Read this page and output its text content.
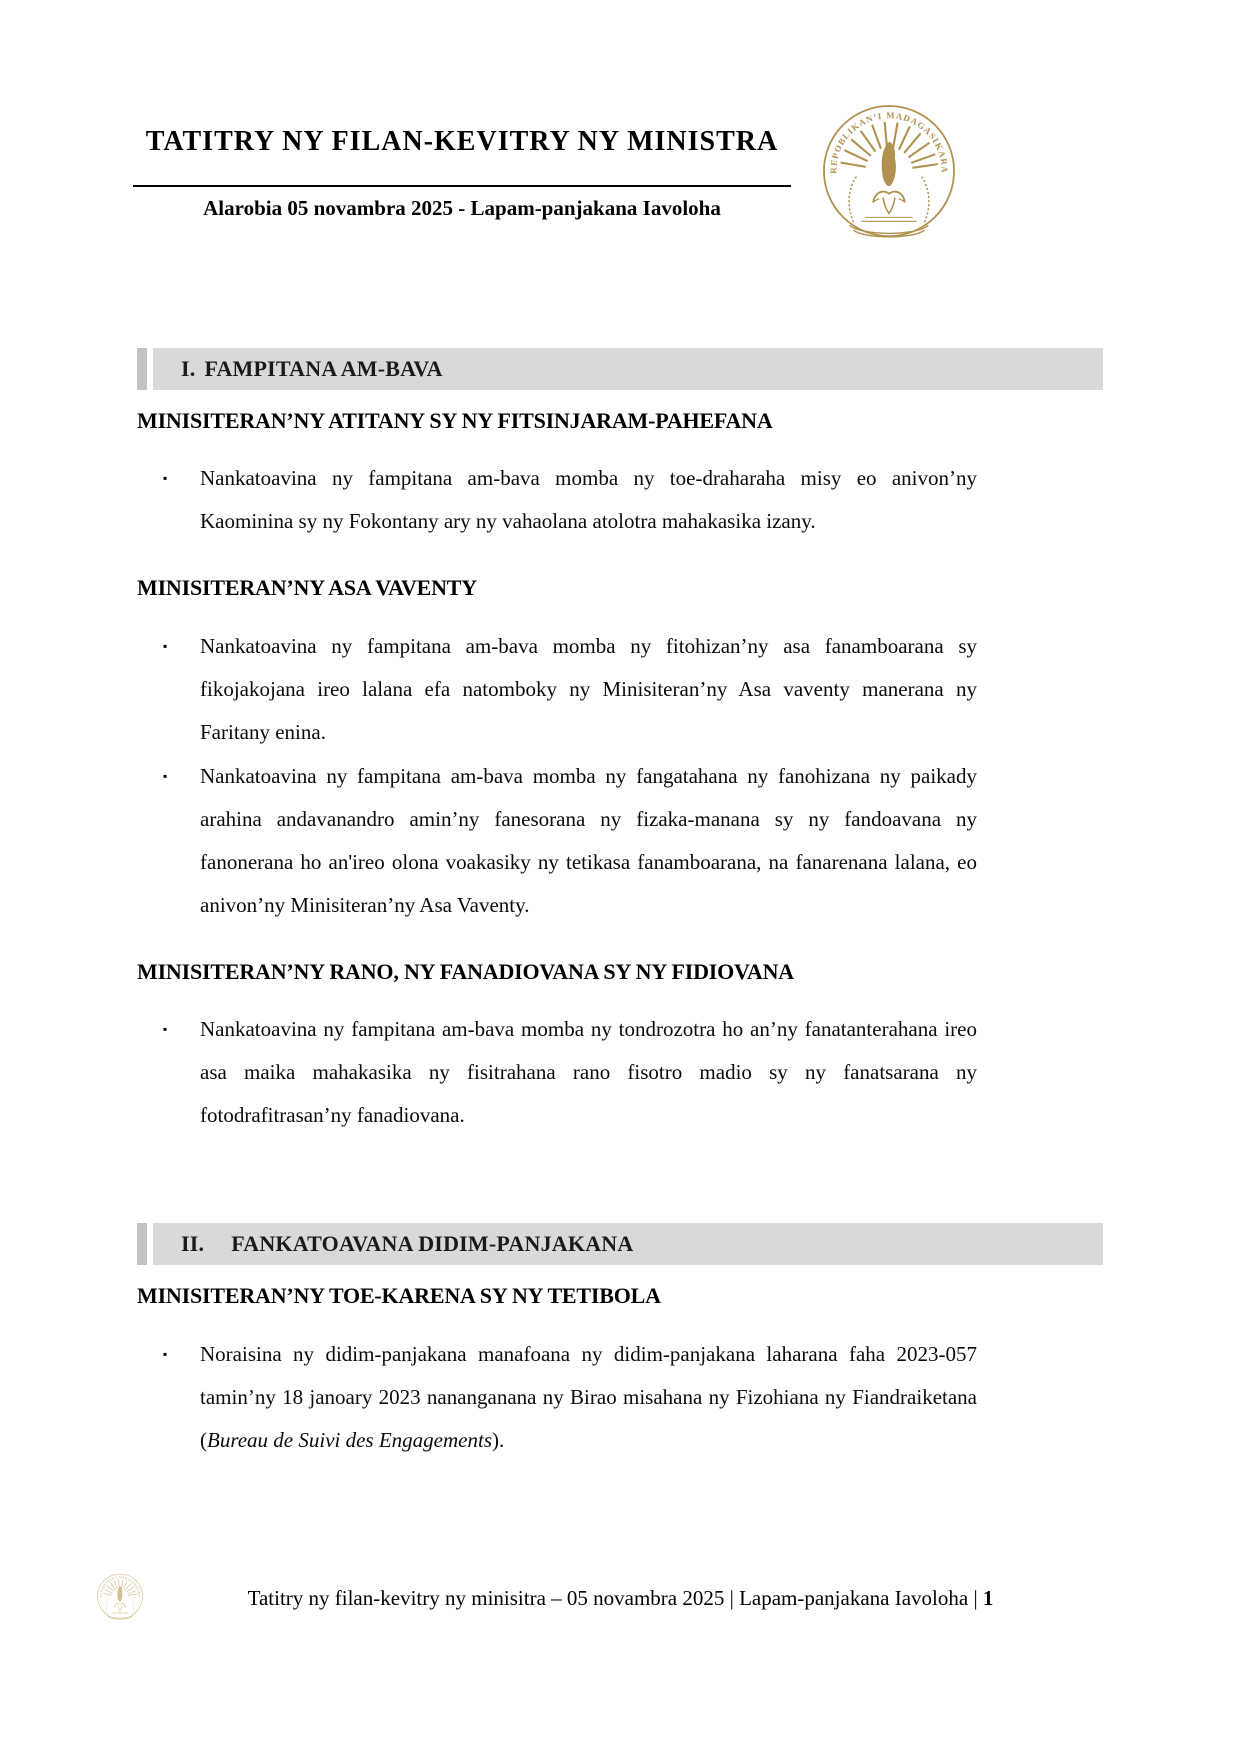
TATITRY NY FILAN-KEVITRY NY MINISTRA
Alarobia 05 novambra 2025 - Lapam-panjakana Iavoloha
I. FAMPITANA AM-BAVA
MINISITERAN’NY ATITANY SY NY FITSINJARAM-PAHEFANA
▪ Nankatoavina ny fampitana am-bava momba ny toe-draharaha misy eo anivon’ny Kaominina sy ny Fokontany ary ny vahaolana atolotra mahakasika izany.
MINISITERAN’NY ASA VAVENTY
▪ Nankatoavina ny fampitana am-bava momba ny fitohizan’ny asa fanamboarana sy fikojakojana ireo lalana efa natomboky ny Minisiteran’ny Asa vaventy manerana ny Faritany enina.
▪ Nankatoavina ny fampitana am-bava momba ny fangatahana ny fanohizana ny paikady arahina andavanandro amin’ny fanesorana ny fizaka-manana sy ny fandoavana ny fanonerana ho an'ireo olona voakasiky ny tetikasa fanamboarana, na fanarenana lalana, eo anivon’ny Minisiteran’ny Asa Vaventy.
MINISITERAN’NY RANO, NY FANADIOVANA SY NY FIDIOVANA
▪ Nankatoavina ny fampitana am-bava momba ny tondrozotra ho an’ny fanatanterahana ireo asa maika mahakasika ny fisitrahana rano fisotro madio sy ny fanatsarana ny fotodrafitrasan’ny fanadiovana.
II. FANKATOAVANA DIDIM-PANJAKANA
MINISITERAN’NY TOE-KARENA SY NY TETIBOLA
▪ Noraisina ny didim-panjakana manafoana ny didim-panjakana laharana faha 2023-057 tamin’ny 18 janoary 2023 nananganana ny Birao misahana ny Fizohiana ny Fiandraiketana (Bureau de Suivi des Engagements).
Tatitry ny filan-kevitry ny minisitra – 05 novambra 2025 | Lapam-panjakana Iavoloha | 1
